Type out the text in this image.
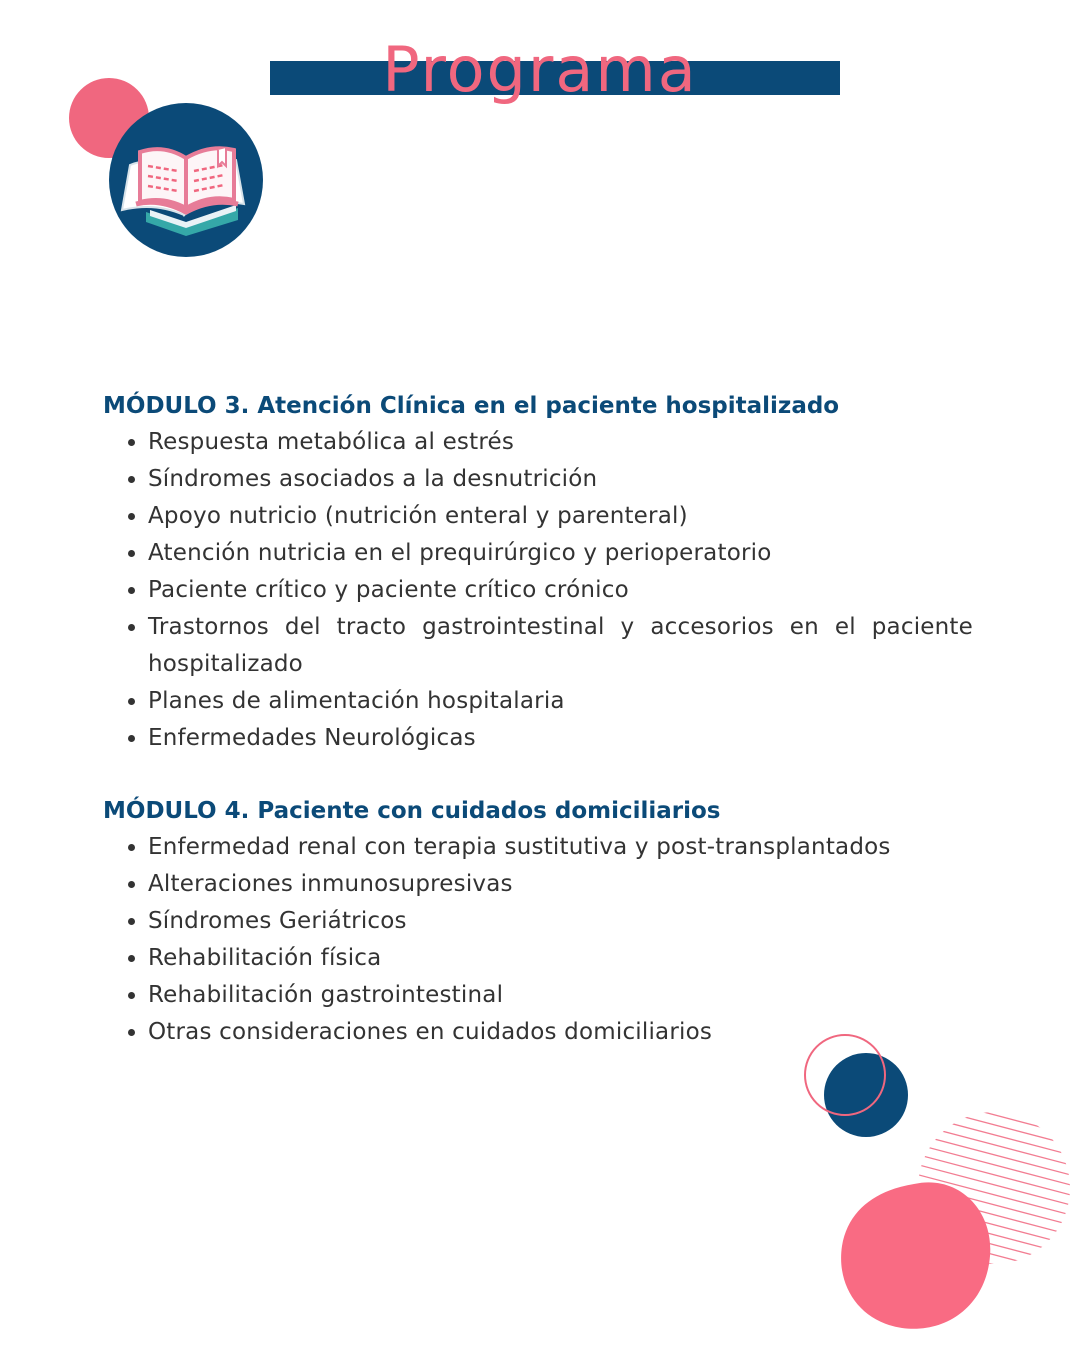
Programa
MÓDULO 3. Atención Clínica en el paciente hospitalizado
Respuesta metabólica al estrés
Síndromes asociados a la desnutrición
Apoyo nutricio (nutrición enteral y parenteral)
Atención nutricia en el prequirúrgico y perioperatorio
Paciente crítico y paciente crítico crónico
Trastornos del tracto gastrointestinal y accesorios en el paciente hospitalizado
Planes de alimentación hospitalaria
Enfermedades Neurológicas
MÓDULO 4. Paciente con cuidados domiciliarios
Enfermedad renal con terapia sustitutiva y post-transplantados
Alteraciones inmunosupresivas
Síndromes Geriátricos
Rehabilitación física
Rehabilitación gastrointestinal
Otras consideraciones en cuidados domiciliarios
